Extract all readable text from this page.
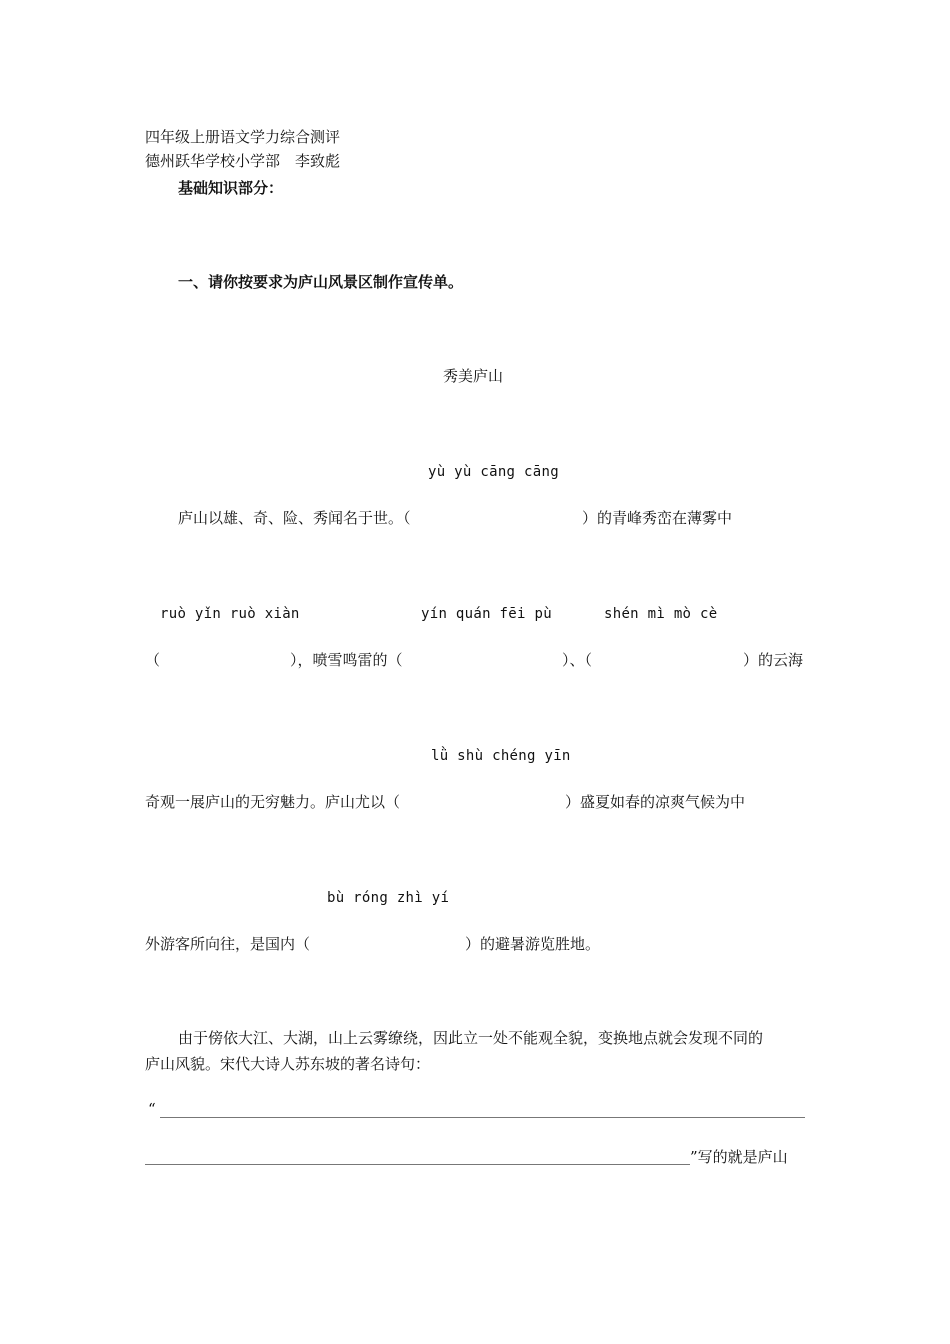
四年级上册语文学力综合测评
德州跃华学校小学部　李致彪
基础知识部分：
一、请你按要求为庐山风景区制作宣传单。
秀美庐山
yù yù cāng cāng
庐山以雄、奇、险、秀闻名于世。（	）的青峰秀峦在薄雾中
ruò yǐn ruò xiàn	yín quán fēi pù	shén mì mò cè
（	），喷雪鸣雷的（	）、（	）的云海
lǜ shù chéng yīn
奇观一展庐山的无穷魅力。庐山尤以（	）盛夏如春的凉爽气候为中
bù róng zhì yí
外游客所向往，是国内（	）的避暑游览胜地。
由于傍依大江、大湖，山上云雾缭绕，因此立一处不能观全貌，变换地点就会发现不同的
庐山风貌。宋代大诗人苏东坡的著名诗句：
“
”写的就是庐山
